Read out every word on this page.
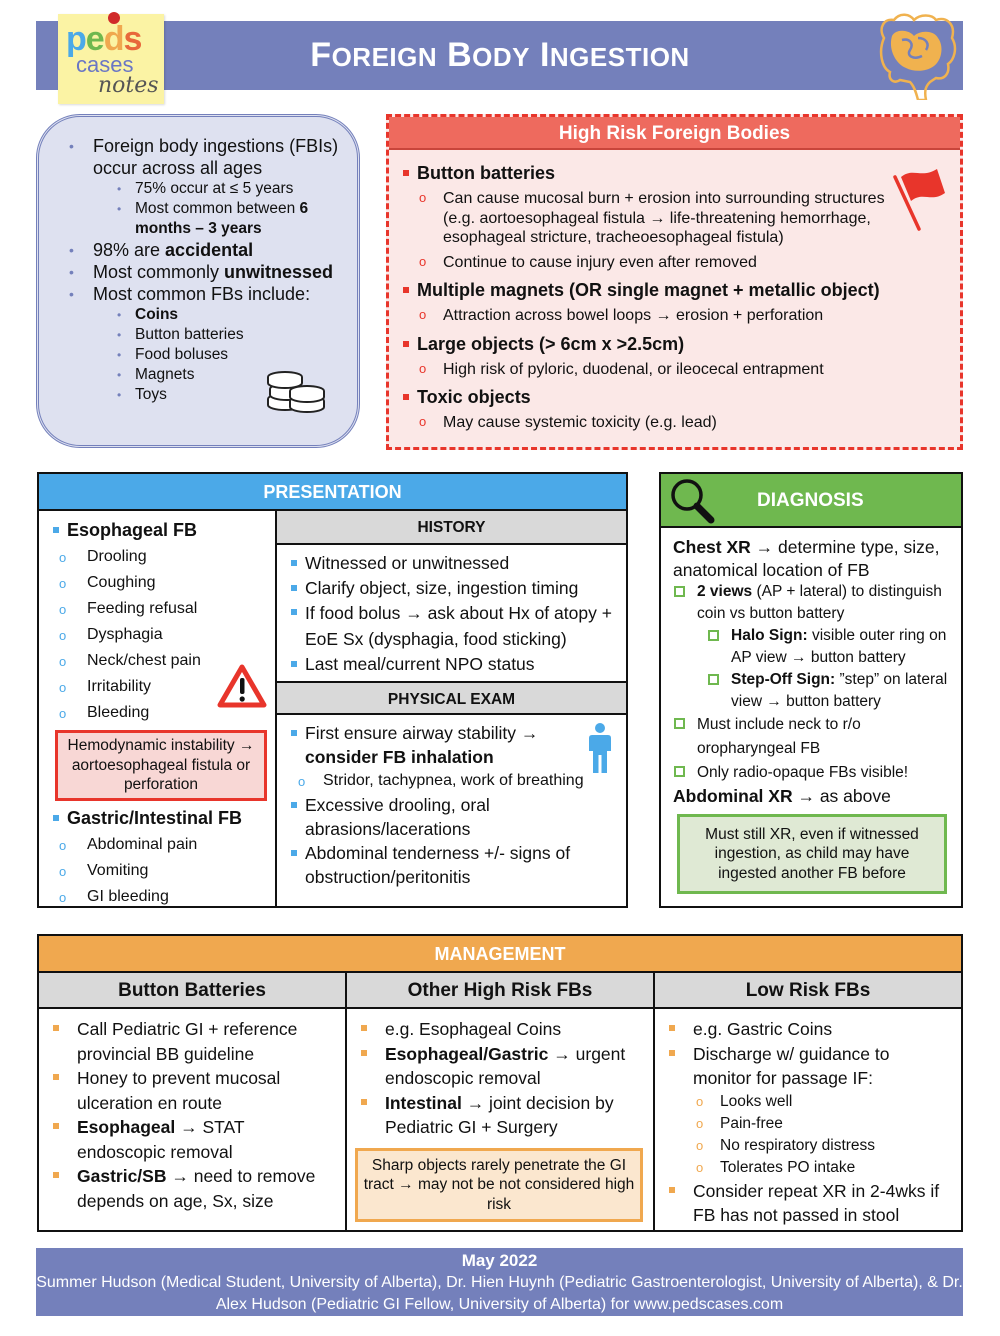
FOREIGN BODY INGESTION
peds
cases
notes
• Foreign body ingestions (FBIs) occur across all ages
• 75% occur at ≤ 5 years
• Most common between 6 months – 3 years
• 98% are accidental
• Most commonly unwitnessed
• Most common FBs include:
• Coins
• Button batteries
• Food boluses
• Magnets
• Toys
High Risk Foreign Bodies
Button batteries
o Can cause mucosal burn + erosion into surrounding structures (e.g. aortoesophageal fistula → life-threatening hemorrhage, esophageal stricture, tracheoesophageal fistula)
o Continue to cause injury even after removed
Multiple magnets (OR single magnet + metallic object)
o Attraction across bowel loops → erosion + perforation
Large objects (> 6cm x >2.5cm)
o High risk of pyloric, duodenal, or ileocecal entrapment
Toxic objects
o May cause systemic toxicity (e.g. lead)
PRESENTATION
Esophageal FB
o Drooling
o Coughing
o Feeding refusal
o Dysphagia
o Neck/chest pain
o Irritability
o Bleeding
Hemodynamic instability → aortoesophageal fistula or perforation
Gastric/Intestinal FB
o Abdominal pain
o Vomiting
o GI bleeding
HISTORY
Witnessed or unwitnessed
Clarify object, size, ingestion timing
If food bolus → ask about Hx of atopy + EoE Sx (dysphagia, food sticking)
Last meal/current NPO status
PHYSICAL EXAM
First ensure airway stability → consider FB inhalation
o Stridor, tachypnea, work of breathing
Excessive drooling, oral abrasions/lacerations
Abdominal tenderness +/- signs of obstruction/peritonitis
DIAGNOSIS
Chest XR → determine type, size, anatomical location of FB
2 views (AP + lateral) to distinguish coin vs button battery
Halo Sign: visible outer ring on AP view → button battery
Step-Off Sign: ”step” on lateral view → button battery
Must include neck to r/o oropharyngeal FB
Only radio-opaque FBs visible!
Abdominal XR → as above
Must still XR, even if witnessed ingestion, as child may have ingested another FB before
MANAGEMENT
Button Batteries
Call Pediatric GI + reference provincial BB guideline
Honey to prevent mucosal ulceration en route
Esophageal → STAT endoscopic removal
Gastric/SB → need to remove depends on age, Sx, size
Other High Risk FBs
e.g. Esophageal Coins
Esophageal/Gastric → urgent endoscopic removal
Intestinal → joint decision by Pediatric GI + Surgery
Sharp objects rarely penetrate the GI tract → may not be not considered high risk
Low Risk FBs
e.g. Gastric Coins
Discharge w/ guidance to monitor for passage IF:
o Looks well
o Pain-free
o No respiratory distress
o Tolerates PO intake
Consider repeat XR in 2-4wks if FB has not passed in stool
May 2022
Summer Hudson (Medical Student, University of Alberta), Dr. Hien Huynh (Pediatric Gastroenterologist, University of Alberta), & Dr. Alex Hudson (Pediatric GI Fellow, University of Alberta) for www.pedscases.com
